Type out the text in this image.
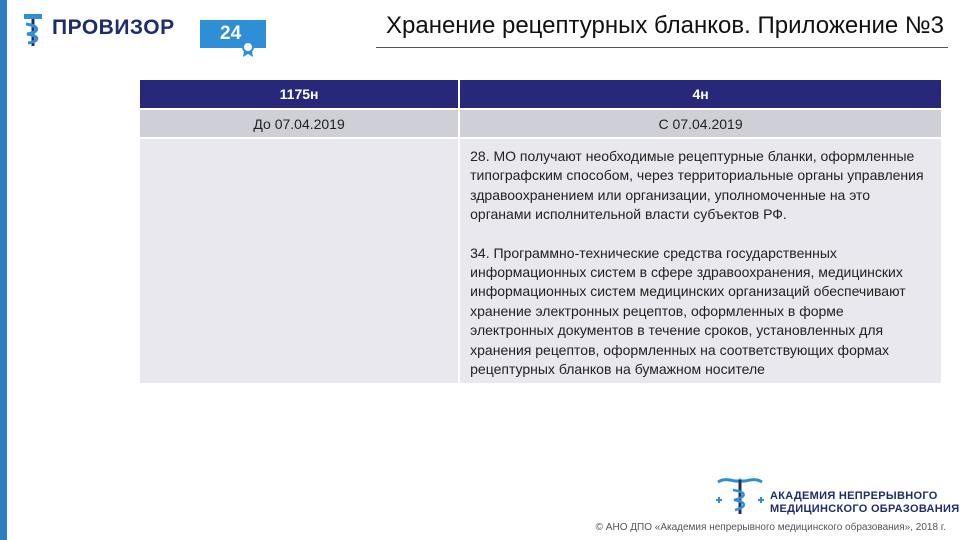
ПРОВИЗОР 24	Хранение рецептурных бланков. Приложение №3
1175н	4н
До 07.04.2019	С 07.04.2019

	28. МО получают необходимые рецептурные бланки, оформленные типографским способом, через территориальные органы управления здравоохранением или организации, уполномоченные на это органами исполнительной власти субъектов РФ.

34. Программно-технические средства государственных информационных систем в сфере здравоохранения, медицинских информационных систем медицинских организаций обеспечивают хранение электронных рецептов, оформленных в форме электронных документов в течение сроков, установленных для хранения рецептов, оформленных на соответствующих формах рецептурных бланков на бумажном носителе

АКАДЕМИЯ НЕПРЕРЫВНОГО
МЕДИЦИНСКОГО ОБРАЗОВАНИЯ
© АНО ДПО «Академия непрерывного медицинского образования», 2018 г.
